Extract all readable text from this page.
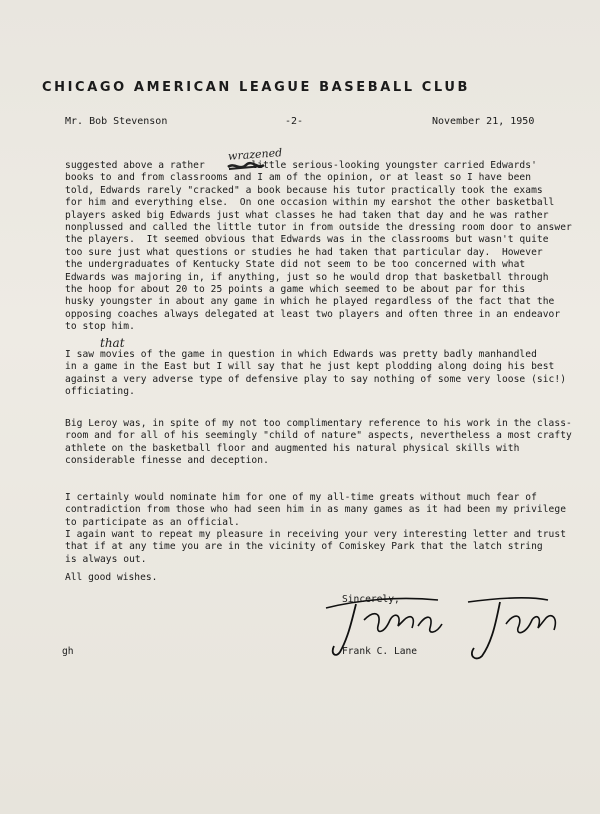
CHICAGO AMERICAN LEAGUE BASEBALL CLUB
Mr. Bob Stevenson	-2-	November 21, 1950
wrazened
suggested above a rather        little serious-looking youngster carried Edwards'
books to and from classrooms and I am of the opinion, or at least so I have been
told, Edwards rarely "cracked" a book because his tutor practically took the exams
for him and everything else.  On one occasion within my earshot the other basketball
players asked big Edwards just what classes he had taken that day and he was rather
nonplussed and called the little tutor in from outside the dressing room door to answer
the players.  It seemed obvious that Edwards was in the classrooms but wasn't quite
too sure just what questions or studies he had taken that particular day.  However
the undergraduates of Kentucky State did not seem to be too concerned with what
Edwards was majoring in, if anything, just so he would drop that basketball through
the hoop for about 20 to 25 points a game which seemed to be about par for this
husky youngster in about any game in which he played regardless of the fact that the
opposing coaches always delegated at least two players and often three in an endeavor
to stop him.
that
I saw movies of the game in question in which Edwards was pretty badly manhandled
in a game in the East but I will say that he just kept plodding along doing his best
against a very adverse type of defensive play to say nothing of some very loose (sic!)
officiating.
Big Leroy was, in spite of my not too complimentary reference to his work in the class-
room and for all of his seemingly "child of nature" aspects, nevertheless a most crafty
athlete on the basketball floor and augmented his natural physical skills with
considerable finesse and deception.
I certainly would nominate him for one of my all-time greats without much fear of
contradiction from those who had seen him in as many games as it had been my privilege
to participate as an official.
I again want to repeat my pleasure in receiving your very interesting letter and trust
that if at any time you are in the vicinity of Comiskey Park that the latch string
is always out.
All good wishes.
Sincerely,
gh	Frank C. Lane
